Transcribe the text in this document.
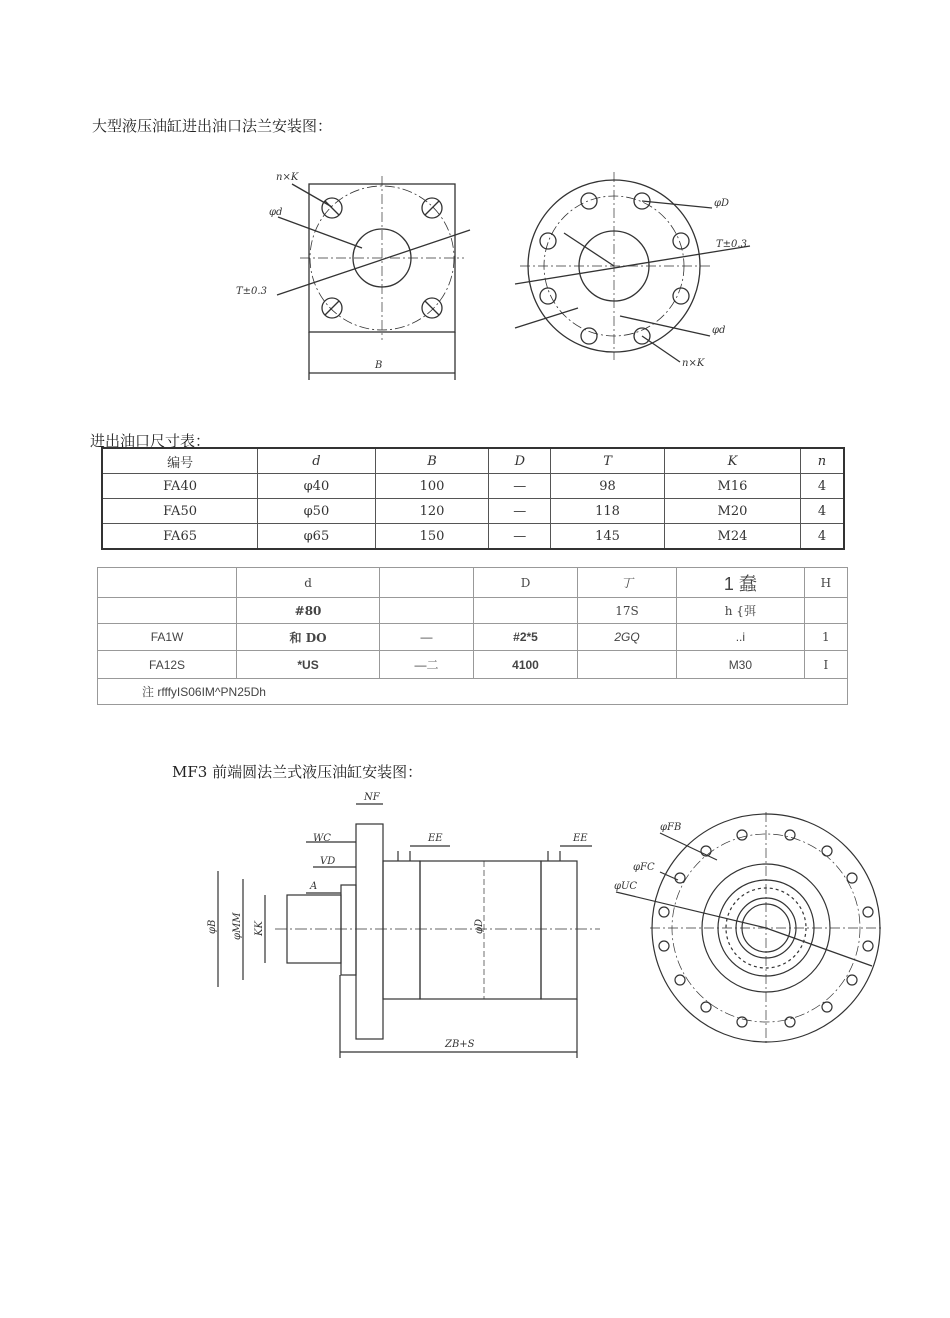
大型液压油缸进出油口法兰安装图：
n×K
φd
T±0.3
B
φD
T±0.3
φd
n×K
进出油口尺寸表：
编号	d	B	D	T	K	n
FA40	φ40	100	—	98	M16	4
FA50	φ50	120	—	118	M20	4
FA65	φ65	150	—	145	M24	4
	d		D	丁	1 蠢	H
	#80			17S	h {弭	
FA1W	和 DO	—	#2*5	2GQ	..i	1
FA12S	*US	—二	4100		M30	I
注 rfffyIS06IM^PN25Dh						
MF3 前端圆法兰式液压油缸安装图：
NF
WC	EE	EE
VD
A
φB φMM KK	φD
ZB+S
φFB
φFC
φUC
